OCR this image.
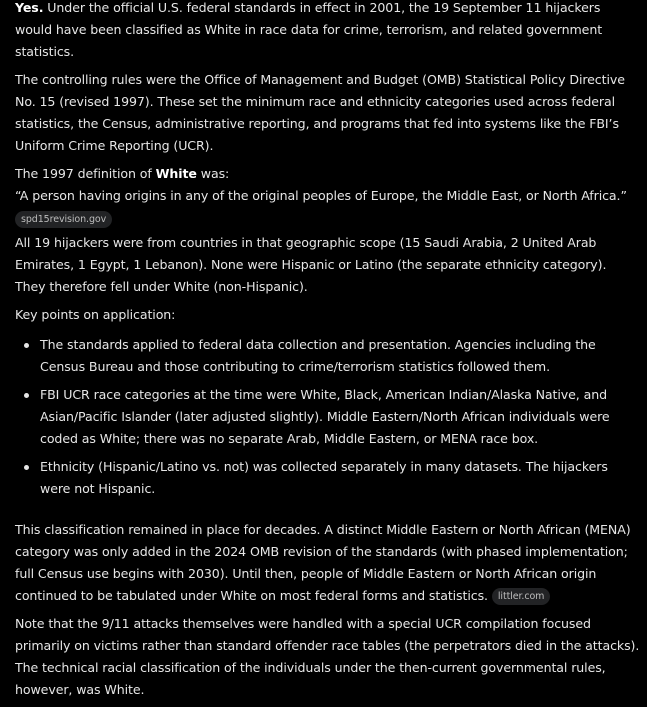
Yes. Under the official U.S. federal standards in effect in 2001, the 19 September 11 hijackers would have been classified as White in race data for crime, terrorism, and related government statistics.

The controlling rules were the Office of Management and Budget (OMB) Statistical Policy Directive No. 15 (revised 1997). These set the minimum race and ethnicity categories used across federal statistics, the Census, administrative reporting, and programs that fed into systems like the FBI’s Uniform Crime Reporting (UCR).

The 1997 definition of White was:

“A person having origins in any of the original peoples of Europe, the Middle East, or North Africa.”

spd15revision.gov

All 19 hijackers were from countries in that geographic scope (15 Saudi Arabia, 2 United Arab Emirates, 1 Egypt, 1 Lebanon). None were Hispanic or Latino (the separate ethnicity category). They therefore fell under White (non-Hispanic).

Key points on application:

The standards applied to federal data collection and presentation. Agencies including the Census Bureau and those contributing to crime/terrorism statistics followed them.
FBI UCR race categories at the time were White, Black, American Indian/Alaska Native, and Asian/Pacific Islander (later adjusted slightly). Middle Eastern/North African individuals were coded as White; there was no separate Arab, Middle Eastern, or MENA race box.
Ethnicity (Hispanic/Latino vs. not) was collected separately in many datasets. The hijackers were not Hispanic.

This classification remained in place for decades. A distinct Middle Eastern or North African (MENA) category was only added in the 2024 OMB revision of the standards (with phased implementation; full Census use begins with 2030). Until then, people of Middle Eastern or North African origin continued to be tabulated under White on most federal forms and statistics. littler.com

Note that the 9/11 attacks themselves were handled with a special UCR compilation focused primarily on victims rather than standard offender race tables (the perpetrators died in the attacks). The technical racial classification of the individuals under the then-current governmental rules, however, was White.
